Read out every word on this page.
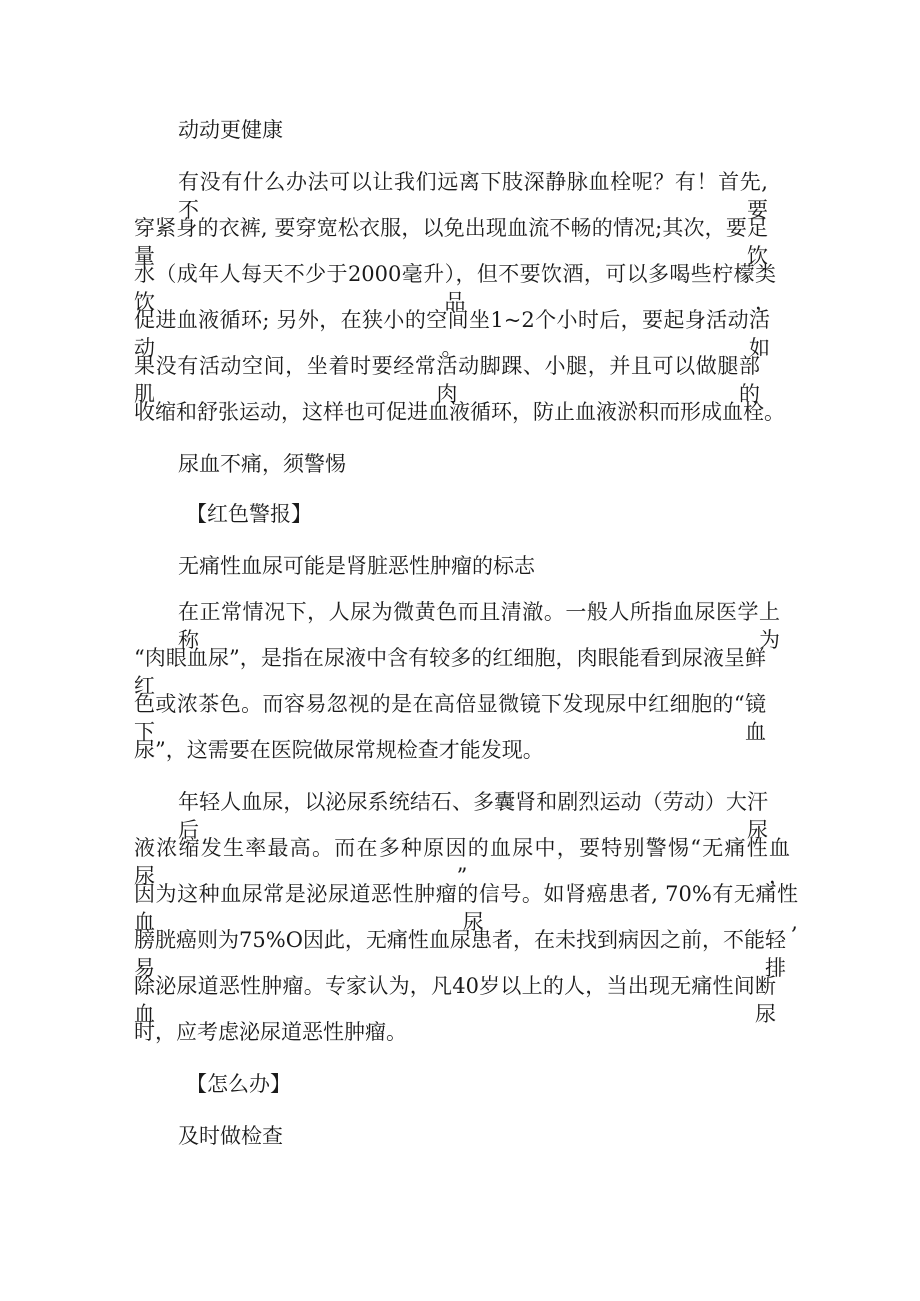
动动更健康
有没有什么办法可以让我们远离下肢深静脉血栓呢？有！首先, 不要
穿紧身的衣裤, 要穿宽松衣服，以免出现血流不畅的情况;其次，要足量饮
水（成年人每天不少于2000毫升），但不要饮酒，可以多喝些柠檬类饮品，
促进血液循环; 另外，在狭小的空间坐1~2个小时后，要起身活动活动。如
果没有活动空间，坐着时要经常活动脚踝、小腿，并且可以做腿部肌肉的
收缩和舒张运动，这样也可促进血液循环，防止血液淤积而形成血栓。
尿血不痛，须警惕
【红色警报】
无痛性血尿可能是肾脏恶性肿瘤的标志
在正常情况下，人尿为微黄色而且清澈。一般人所指血尿医学上称为
“肉眼血尿”，是指在尿液中含有较多的红细胞，肉眼能看到尿液呈鲜红
色或浓茶色。而容易忽视的是在高倍显微镜下发现尿中红细胞的“镜下血
尿”，这需要在医院做尿常规检查才能发现。
年轻人血尿，以泌尿系统结石、多囊肾和剧烈运动（劳动）大汗后尿
液浓缩发生率最高。而在多种原因的血尿中，要特别警惕“无痛性血尿”，
因为这种血尿常是泌尿道恶性肿瘤的信号。如肾癌患者, 70%有无痛性血尿,
膀胱癌则为75%O因此，无痛性血尿患者，在未找到病因之前，不能轻易排
除泌尿道恶性肿瘤。专家认为，凡40岁以上的人，当出现无痛性间断血尿
时，应考虑泌尿道恶性肿瘤。
【怎么办】
及时做检查
